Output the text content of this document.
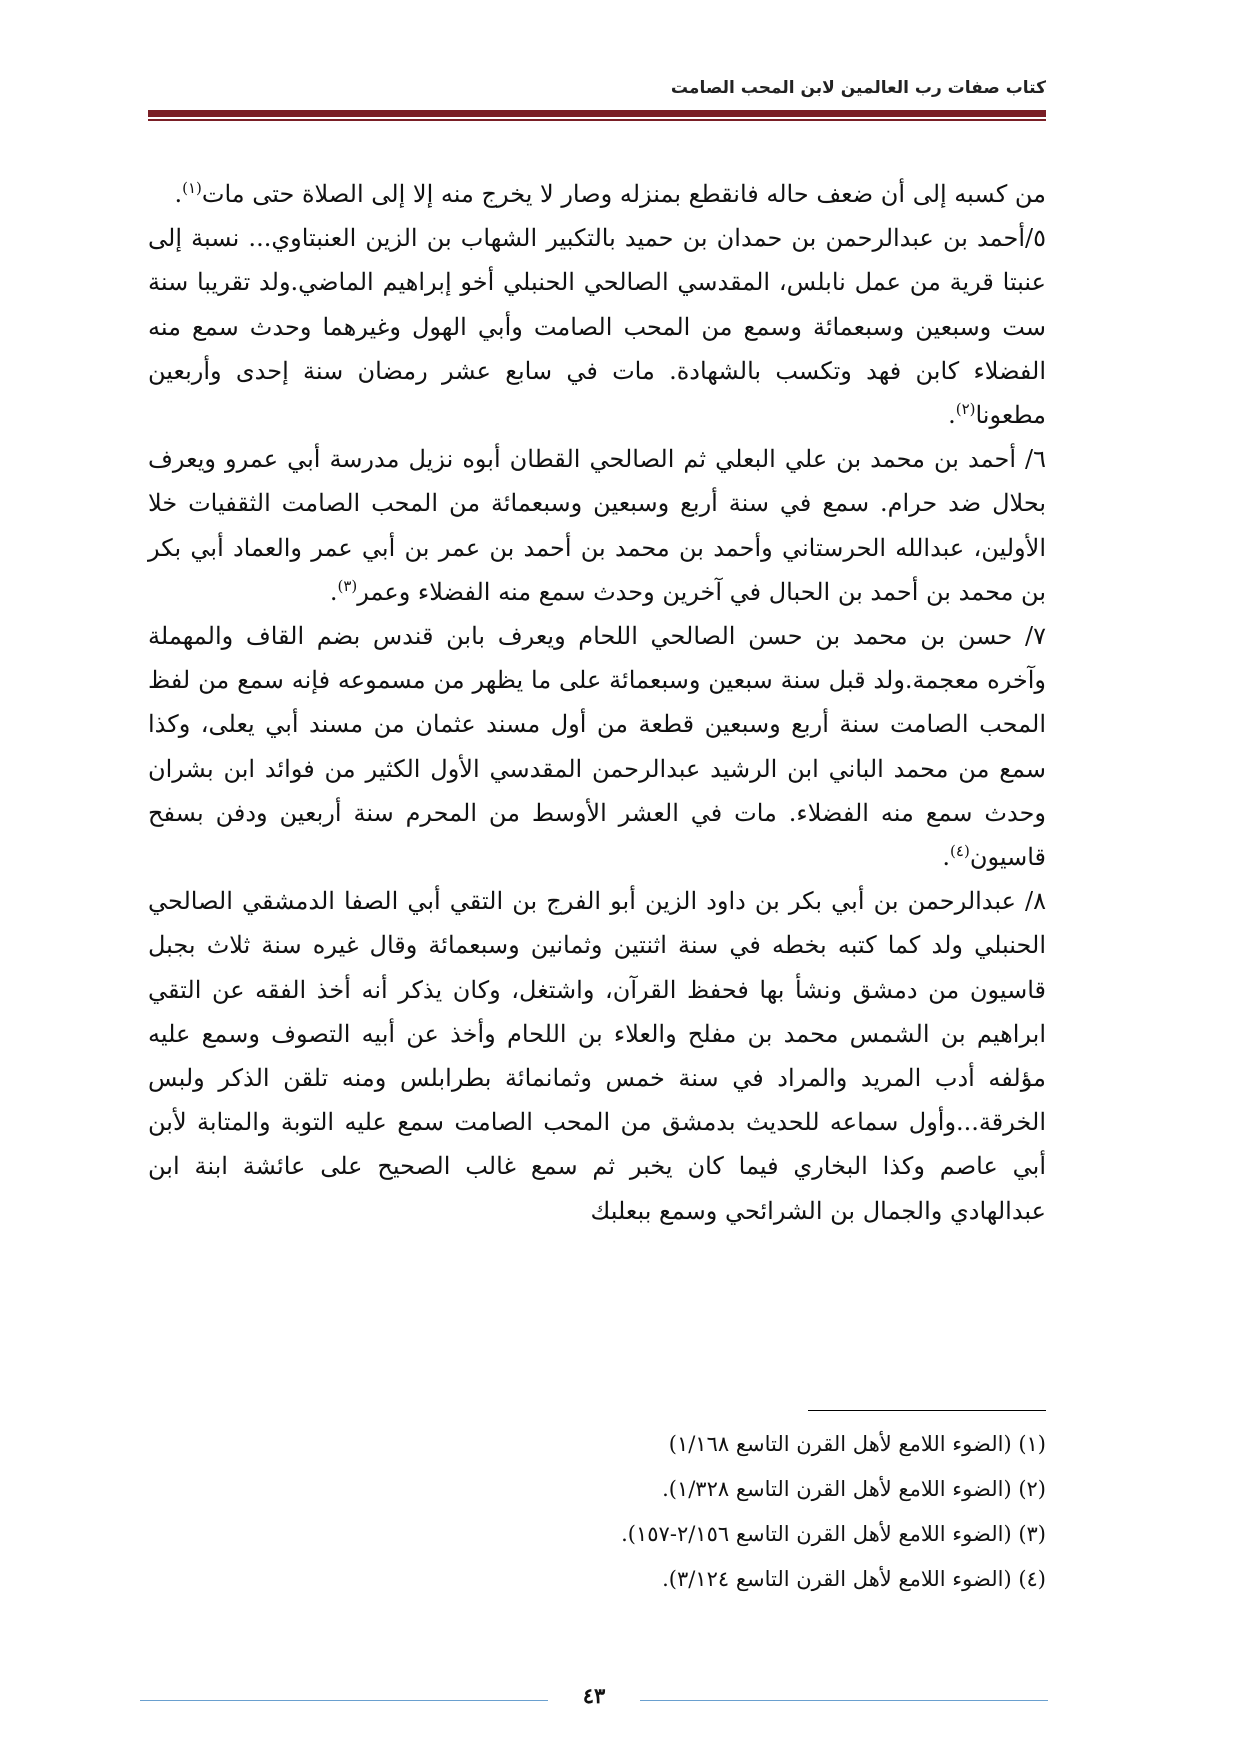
كتاب صفات رب العالمين لابن المحب الصامت

من كسبه إلى أن ضعف حاله فانقطع بمنزله وصار لا يخرج منه إلا إلى الصلاة حتى مات$^{(١)}$.

٥/أحمد بن عبدالرحمن بن حمدان بن حميد بالتكبير الشهاب بن الزين العنبتاوي... نسبة إلى عنبتا قرية من عمل نابلس، المقدسي الصالحي الحنبلي أخو إبراهيم الماضي.ولد تقريبا سنة ست وسبعين وسبعمائة وسمع من المحب الصامت وأبي الهول وغيرهما وحدث سمع منه الفضلاء كابن فهد وتكسب بالشهادة. مات في سابع عشر رمضان سنة إحدى وأربعين مطعونا$^{(٢)}$.

٦/ أحمد بن محمد بن علي البعلي ثم الصالحي القطان أبوه نزيل مدرسة أبي عمرو ويعرف بحلال ضد حرام. سمع في سنة أربع وسبعين وسبعمائة من المحب الصامت الثقفيات خلا الأولين، عبدالله الحرستاني وأحمد بن محمد بن أحمد بن عمر بن أبي عمر والعماد أبي بكر بن محمد بن أحمد بن الحبال في آخرين وحدث سمع منه الفضلاء وعمر$^{(٣)}$.

٧/ حسن بن محمد بن حسن الصالحي اللحام ويعرف بابن قندس بضم القاف والمهملة وآخره معجمة.ولد قبل سنة سبعين وسبعمائة على ما يظهر من مسموعه فإنه سمع من لفظ المحب الصامت سنة أربع وسبعين قطعة من أول مسند عثمان من مسند أبي يعلى، وكذا سمع من محمد الباني ابن الرشيد عبدالرحمن المقدسي الأول الكثير من فوائد ابن بشران وحدث سمع منه الفضلاء. مات في العشر الأوسط من المحرم سنة أربعين ودفن بسفح قاسيون$^{(٤)}$.

٨/ عبدالرحمن بن أبي بكر بن داود الزين أبو الفرج بن التقي أبي الصفا الدمشقي الصالحي الحنبلي ولد كما كتبه بخطه في سنة اثنتين وثمانين وسبعمائة وقال غيره سنة ثلاث بجبل قاسيون من دمشق ونشأ بها فحفظ القرآن، واشتغل، وكان يذكر أنه أخذ الفقه عن التقي ابراهيم بن الشمس محمد بن مفلح والعلاء بن اللحام وأخذ عن أبيه التصوف وسمع عليه مؤلفه أدب المريد والمراد في سنة خمس وثمانمائة بطرابلس ومنه تلقن الذكر ولبس الخرقة...وأول سماعه للحديث بدمشق من المحب الصامت سمع عليه التوبة والمتابة لأبن أبي عاصم وكذا البخاري فيما كان يخبر ثم سمع غالب الصحيح على عائشة ابنة ابن عبدالهادي والجمال بن الشرائحي وسمع ببعلبك

(١) (الضوء اللامع لأهل القرن التاسع ١/١٦٨)

(٢) (الضوء اللامع لأهل القرن التاسع ١/٣٢٨).

(٣) (الضوء اللامع لأهل القرن التاسع ٢/١٥٦-١٥٧).

(٤) (الضوء اللامع لأهل القرن التاسع ٣/١٢٤).

٤٣
